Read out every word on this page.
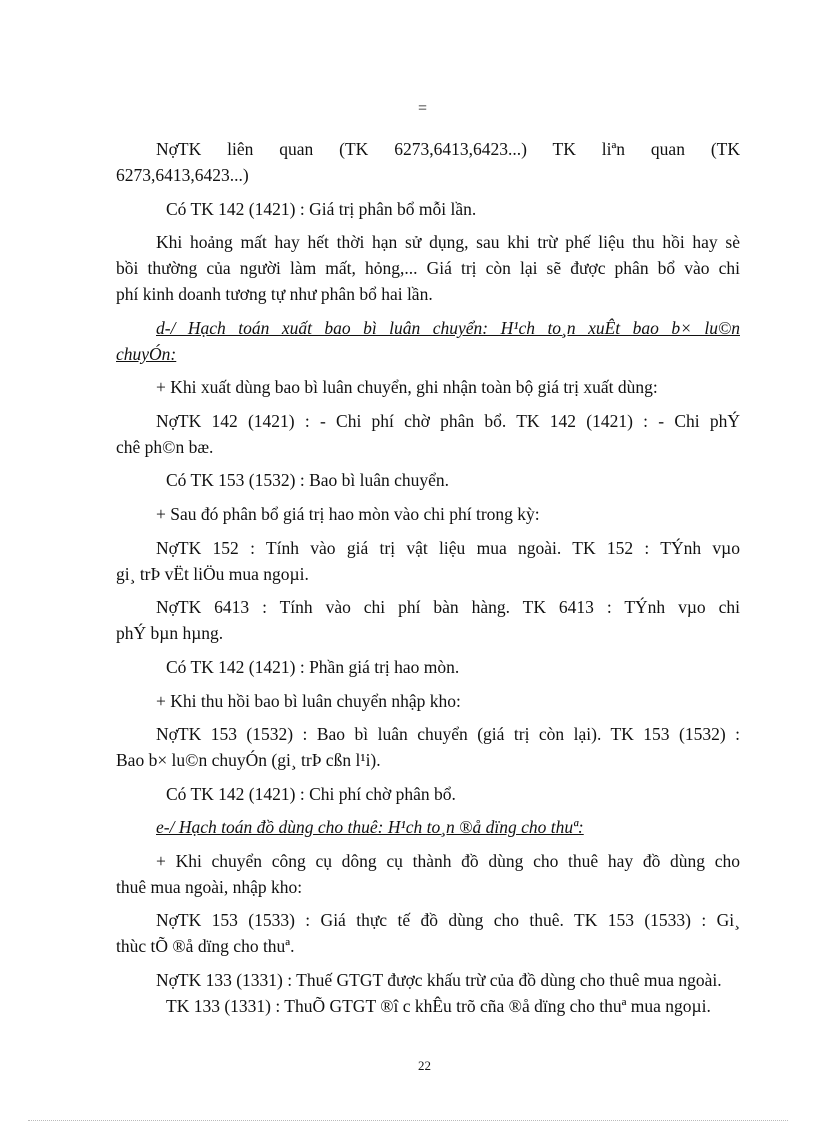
=
NợTK liên quan (TK 6273,6413,6423...) TK liªn quan (TK
6273,6413,6423...)
Có TK 142 (1421) : Giá trị phân bổ mỗi lần.
Khi hoảng mất hay hết thời hạn sử dụng, sau khi trừ phế liệu thu hồi hay sè
bồi thường của người làm mất, hỏng,... Giá trị còn lại sẽ được phân bổ vào chi
phí kinh doanh tương tự như phân bổ hai lần.
d-/ Hạch toán xuất bao bì luân chuyển: H¹ch to¸n xuÊt bao b× lu©n
chuyÓn:
+ Khi xuất dùng bao bì luân chuyển, ghi nhận toàn bộ giá trị xuất dùng:
NợTK 142 (1421) : - Chi phí chờ phân bổ. TK 142 (1421) : - Chi phÝ
chê ph©n bæ.
Có TK 153 (1532) : Bao bì luân chuyển.
+ Sau đó phân bổ giá trị hao mòn vào chi phí trong kỳ:
NợTK 152 : Tính vào giá trị vật liệu mua ngoài. TK 152 : TÝnh vµo
gi¸ trÞ vËt liÖu mua ngoµi.
NợTK 6413 : Tính vào chi phí bàn hàng. TK 6413 : TÝnh vµo chi
phÝ bµn hµng.
Có TK 142 (1421) : Phần giá trị hao mòn.
+ Khi thu hồi bao bì luân chuyển nhập kho:
NợTK 153 (1532) : Bao bì luân chuyển (giá trị còn lại). TK 153 (1532) :
Bao b× lu©n chuyÓn (gi¸ trÞ cßn l¹i).
Có TK 142 (1421) : Chi phí chờ phân bổ.
e-/ Hạch toán đồ dùng cho thuê: H¹ch to¸n ®å dïng cho thuª:
+ Khi chuyển công cụ dông cụ thành đồ dùng cho thuê hay đồ dùng cho
thuê mua ngoài, nhập kho:
NợTK 153 (1533) : Giá thực tế đồ dùng cho thuê. TK 153 (1533) : Gi¸
thùc tÕ ®å dïng cho thuª.
NợTK 133 (1331) : Thuế GTGT được khấu trừ của đồ dùng cho thuê mua ngoài.
TK 133 (1331) : ThuÕ GTGT ®î c khÊu trõ cña ®å dïng cho thuª mua ngoµi.
22
